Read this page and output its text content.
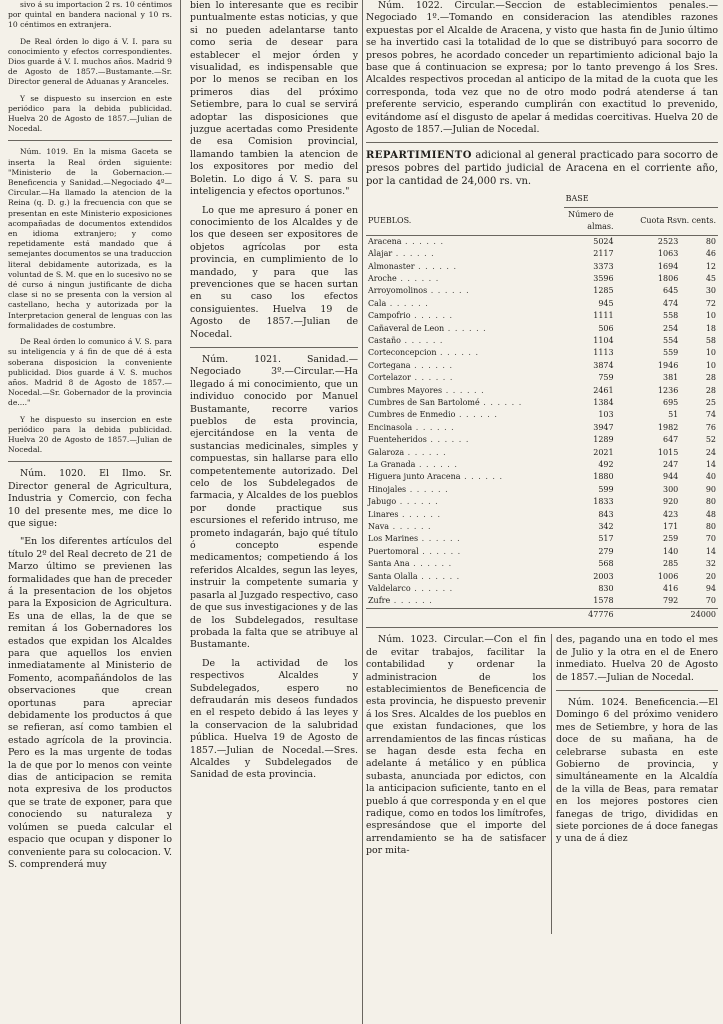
sivo á su importacion 2 rs. 10 céntimos por quintal en bandera nacional y 10 rs. 10 céntimos en extranjera.

De Real órden lo digo á V. I. para su conocimiento y efectos correspondientes. Dios guarde á V. I. muchos años. Madrid 9 de Agosto de 1857.—Bustamante.—Sr. Director general de Aduanas y Aranceles.

Y se dispuesto su insercion en este periódico para la debida publicidad. Huelva 20 de Agosto de 1857.—Julian de Nocedal.

Núm. 1019. En la misma Gaceta se inserta la Real órden siguiente: "Ministerio de la Gobernacion.—Beneficencia y Sanidad.—Negociado 4º—Circular.—Ha llamado la atencion de la Reina (q. D. g.) la frecuencia con que se presentan en este Ministerio exposiciones acompañadas de documentos extendidos en idioma extranjero; y como repetidamente está mandado que á semejantes documentos se una traduccion literal debidamente autorizada, es la voluntad de S. M. que en lo sucesivo no se dé curso á ningun justificante de dicha clase si no se presenta con la version al castellano, hecha y autorizada por la Interpretacion general de lenguas con las formalidades de costumbre.

De Real órden lo comunico á V. S. para su inteligencia y á fin de que dé á esta soberana disposicion la conveniente publicidad. Dios guarde á V. S. muchos años. Madrid 8 de Agosto de 1857.—Nocedal.—Sr. Gobernador de la provincia de...."

Y he dispuesto su insercion en este periódico para la debida publicidad. Huelva 20 de Agosto de 1857.—Julian de Nocedal.

Núm. 1020. El Ilmo. Sr. Director general de Agricultura, Industria y Comercio, con fecha 10 del presente mes, me dice lo que sigue:

"En los diferentes artículos del título 2º del Real decreto de 21 de Marzo último se previenen las formalidades que han de preceder á la presentacion de los objetos para la Exposicion de Agricultura. Es una de ellas, la de que se remitan á los Gobernadores los estados que expidan los Alcaldes para que aquellos los envien inmediatamente al Ministerio de Fomento, acompañándolos de las observaciones que crean oportunas para apreciar debidamente los productos á que se refieran, así como tambien el estado agrícola de la provincia. Pero es la mas urgente de todas la de que por lo menos con veinte dias de anticipacion se remita nota expresiva de los productos que se trate de exponer, para que conociendo su naturaleza y volúmen se pueda calcular el espacio que ocupan y disponer lo conveniente para su colocacion. V. S. comprenderá muy

bien lo interesante que es recibir puntualmente estas noticias, y que si no pueden adelantarse tanto como seria de desear para establecer el mejor órden y visualidad, es indispensable que por lo menos se reciban en los primeros dias del próximo Setiembre, para lo cual se servirá adoptar las disposiciones que juzgue acertadas como Presidente de esa Comision provincial, llamando tambien la atencion de los expositores por medio del Boletin. Lo digo á V. S. para su inteligencia y efectos oportunos."

Lo que me apresuro á poner en conocimiento de los Alcaldes y de los que deseen ser expositores de objetos agrícolas por esta provincia, en cumplimiento de lo mandado, y para que las prevenciones que se hacen surtan en su caso los efectos consiguientes. Huelva 19 de Agosto de 1857.—Julian de Nocedal.

Núm. 1021. Sanidad.—Negociado 3º.—Circular.—Ha llegado á mi conocimiento, que un individuo conocido por Manuel Bustamante, recorre varios pueblos de esta provincia, ejercitándose en la venta de sustancias medicinales, simples y compuestas, sin hallarse para ello competentemente autorizado. Del celo de los Subdelegados de farmacia, y Alcaldes de los pueblos por donde practique sus escursiones el referido intruso, me prometo indagarán, bajo qué título ó concepto espende medicamentos; competiendo á los referidos Alcaldes, segun las leyes, instruir la competente sumaria y pasarla al Juzgado respectivo, caso de que sus investigaciones y de las de los Subdelegados, resultase probada la falta que se atribuye al Bustamante.

De la actividad de los respectivos Alcaldes y Subdelegados, espero no defraudarán mis deseos fundados en el respeto debido á las leyes y la conservacion de la salubridad pública. Huelva 19 de Agosto de 1857.—Julian de Nocedal.—Sres. Alcaldes y Subdelegados de Sanidad de esta provincia.

Núm. 1022. Circular.—Seccion de establecimientos penales.—Negociado 1º.—Tomando en consideracion las atendibles razones expuestas por el Alcalde de Aracena, y visto que hasta fin de Junio último se ha invertido casi la totalidad de lo que se distribuyó para socorro de presos pobres, he acordado conceder un repartimiento adicional bajo la base que á continuacion se expresa; por lo tanto prevengo á los Sres. Alcaldes respectivos procedan al anticipo de la mitad de la cuota que les corresponda, toda vez que no de otro modo podrá atenderse á tan preferente servicio, esperando cumplirán con exactitud lo prevenido, evitándome así el disgusto de apelar á medidas coercitivas. Huelva 20 de Agosto de 1857.—Julian de Nocedal.

REPARTIMIENTO adicional al general practicado para socorro de presos pobres del partido judicial de Aracena en el corriente año, por la cantidad de 24,000 rs. vn.

	BASE		
PUEBLOS.	Número de almas.	Cuota Rsvn. cents.	
Aracena . . .	5024	2523	80
Alajar . . .	2117	1063	46
Almonaster . . .	3373	1694	12
Aroche . . .	3596	1806	45
Arroyomolinos . . .	1285	645	30
Cala . . .	945	474	72
Campofrio . . .	1111	558	10
Cañaveral de Leon . . .	506	254	18
Castaño . . .	1104	554	58
Corteconcepcion . . .	1113	559	10
Cortegana . . .	3874	1946	10
Cortelazor . . .	759	381	28
Cumbres Mayores . . .	2461	1236	28
Cumbres de San Bartolomé . . .	1384	695	25
Cumbres de Enmedio . . .	103	51	74
Encinasola . . .	3947	1982	76
Fuenteheridos . . .	1289	647	52
Galaroza . . .	2021	1015	24
La Granada . . .	492	247	14
Higuera junto Aracena . . .	1880	944	40
Hinojales . . .	599	300	90
Jabugo . . .	1833	920	80
Linares . . .	843	423	48
Nava . . .	342	171	80
Los Marines . . .	517	259	70
Puertomoral . . .	279	140	14
Santa Ana . . .	568	285	32
Santa Olalla . . .	2003	1006	20
Valdelarco . . .	830	416	94
Zufre . . .	1578	792	70
	47776	24000	

Núm. 1023. Circular.—Con el fin de evitar trabajos, facilitar la contabilidad y ordenar la administracion de los establecimientos de Beneficencia de esta provincia, he dispuesto prevenir á los Sres. Alcaldes de los pueblos en que existan fundaciones, que los arrendamientos de las fincas rústicas se hagan desde esta fecha en adelante á metálico y en pública subasta, anunciada por edictos, con la anticipacion suficiente, tanto en el pueblo á que corresponda y en el que radique, como en todos los limítrofes, espresándose que el importe del arrendamiento se ha de satisfacer por mita-

des, pagando una en todo el mes de Julio y la otra en el de Enero inmediato. Huelva 20 de Agosto de 1857.—Julian de Nocedal.

Núm. 1024. Beneficencia.—El Domingo 6 del próximo venidero mes de Setiembre, y hora de las doce de su mañana, ha de celebrarse subasta en este Gobierno de provincia, y simultáneamente en la Alcaldía de la villa de Beas, para rematar en los mejores postores cien fanegas de trigo, divididas en siete porciones de á doce fanegas y una de á diez
